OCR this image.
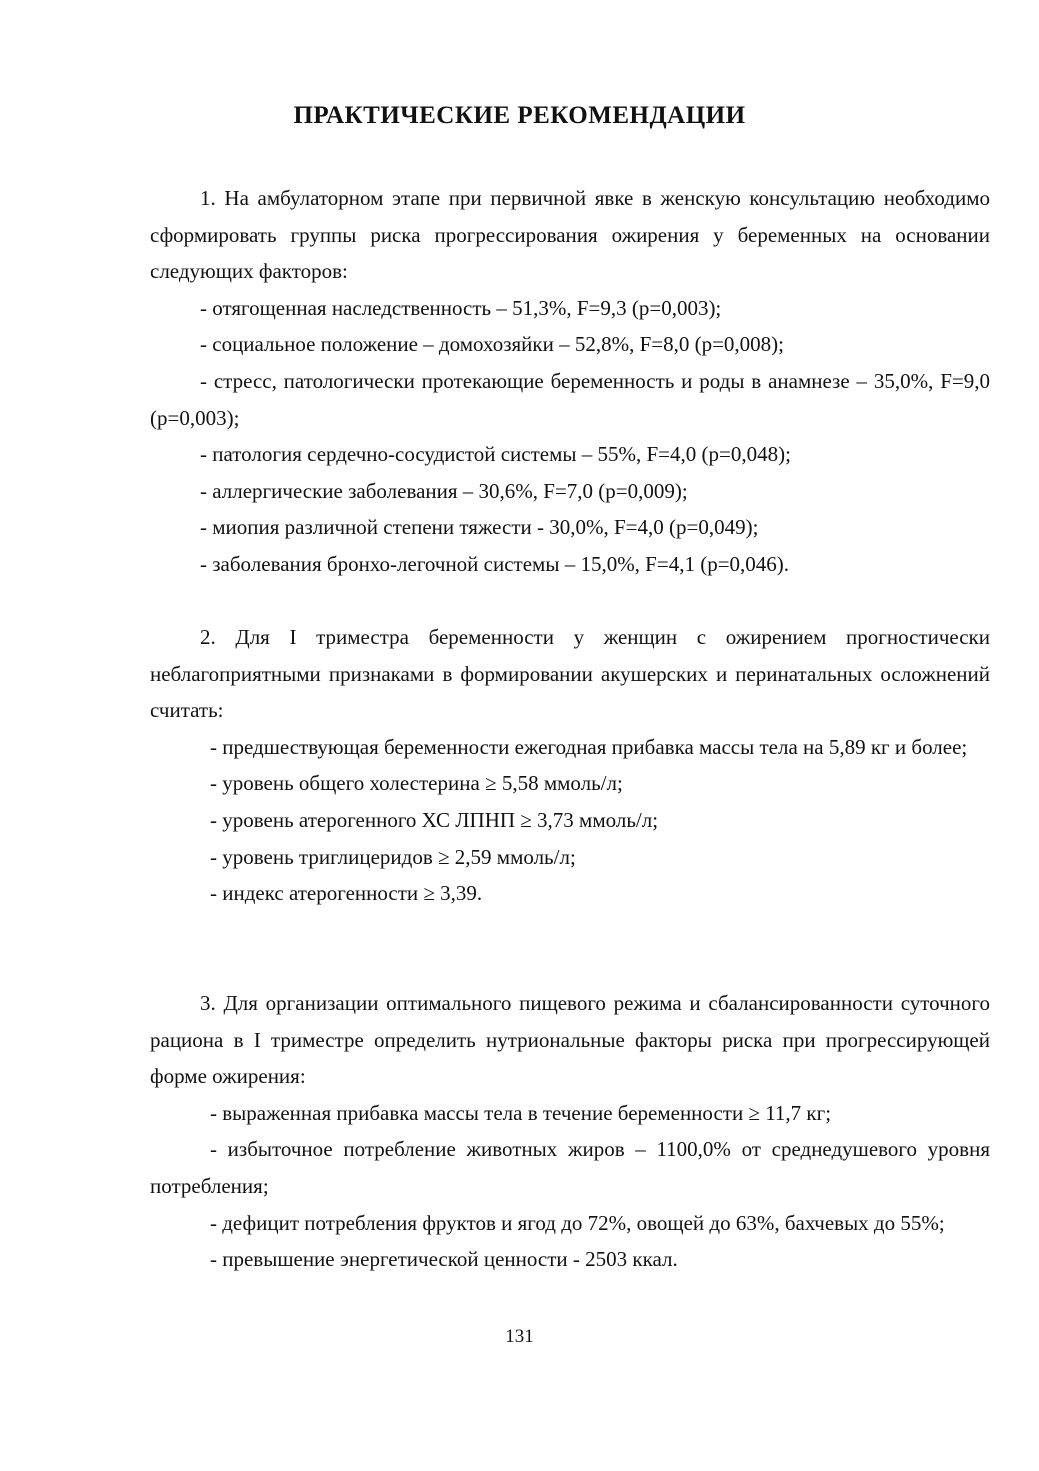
ПРАКТИЧЕСКИЕ РЕКОМЕНДАЦИИ

1. На амбулаторном этапе при первичной явке в женскую консультацию необходимо сформировать группы риска прогрессирования ожирения у беременных на основании следующих факторов:

- отягощенная наследственность – 51,3%, F=9,3 (p=0,003);

- социальное положение – домохозяйки – 52,8%, F=8,0 (p=0,008);

- стресс, патологически протекающие беременность и роды в анамнезе – 35,0%, F=9,0 (p=0,003);

- патология сердечно-сосудистой системы – 55%, F=4,0 (p=0,048);

- аллергические заболевания – 30,6%, F=7,0 (p=0,009);

- миопия различной степени тяжести - 30,0%, F=4,0 (p=0,049);

- заболевания бронхо-легочной системы – 15,0%, F=4,1 (p=0,046).

2. Для I триместра беременности у женщин с ожирением прогностически неблагоприятными признаками в формировании акушерских и перинатальных осложнений считать:

- предшествующая беременности ежегодная прибавка массы тела на 5,89 кг и более;

- уровень общего холестерина ≥ 5,58 ммоль/л;

- уровень атерогенного ХС ЛПНП ≥ 3,73 ммоль/л;

- уровень триглицеридов ≥ 2,59 ммоль/л;

- индекс атерогенности ≥ 3,39.

3. Для организации оптимального пищевого режима и сбалансированности суточного рациона в I триместре определить нутриональные факторы риска при прогрессирующей форме ожирения:

- выраженная прибавка массы тела в течение беременности ≥ 11,7 кг;

- избыточное потребление животных жиров – 1100,0% от среднедушевого уровня потребления;

- дефицит потребления фруктов и ягод до 72%, овощей до 63%, бахчевых до 55%;

- превышение энергетической ценности - 2503 ккал.

131
